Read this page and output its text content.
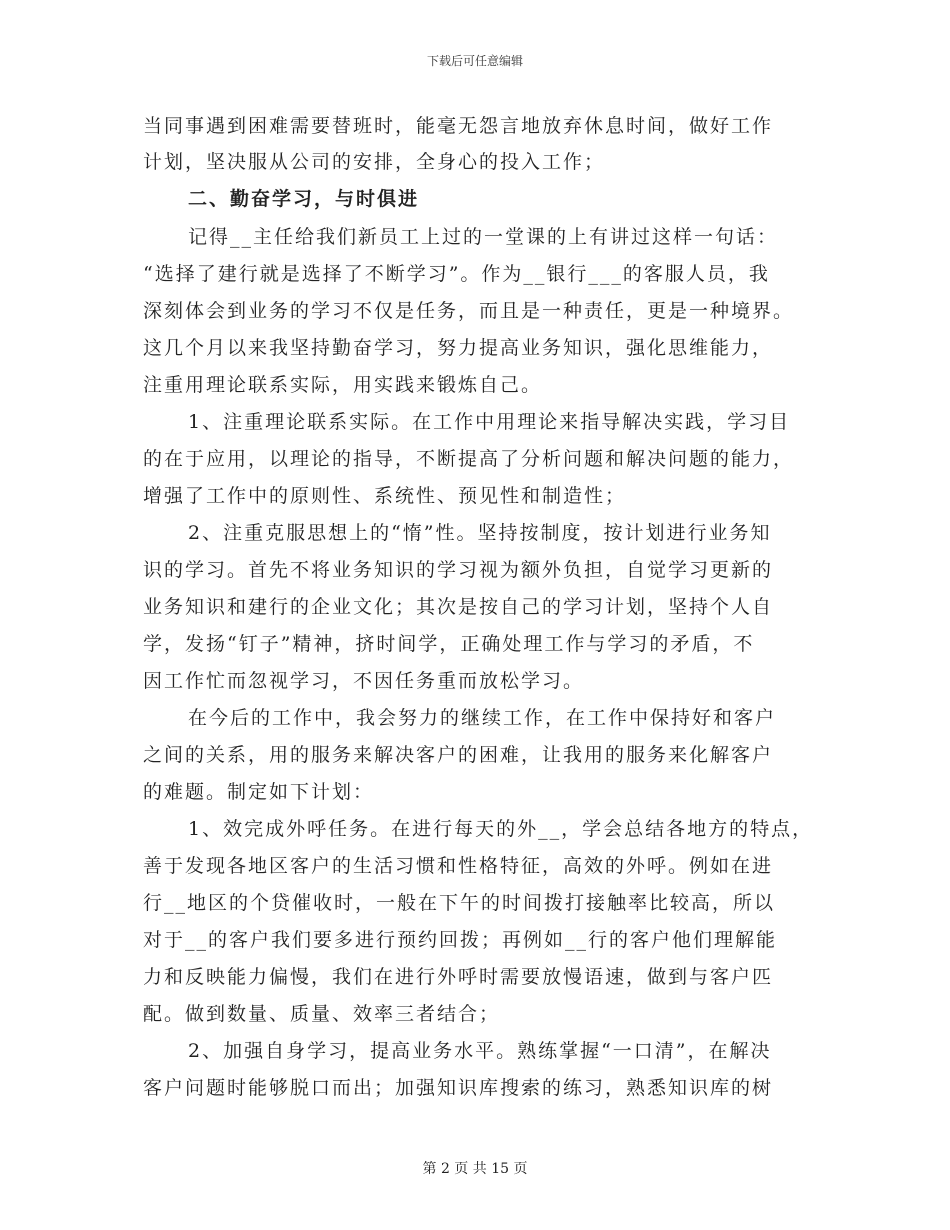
下载后可任意编辑

当同事遇到困难需要替班时，能毫无怨言地放弃休息时间，做好工作

计划，坚决服从公司的安排，全身心的投入工作；

二、勤奋学习，与时俱进

记得__主任给我们新员工上过的一堂课的上有讲过这样一句话：

“选择了建行就是选择了不断学习”。作为__银行___的客服人员，我

深刻体会到业务的学习不仅是任务，而且是一种责任，更是一种境界。

这几个月以来我坚持勤奋学习，努力提高业务知识，强化思维能力，

注重用理论联系实际，用实践来锻炼自己。

1、注重理论联系实际。在工作中用理论来指导解决实践，学习目

的在于应用，以理论的指导，不断提高了分析问题和解决问题的能力，

增强了工作中的原则性、系统性、预见性和制造性；

2、注重克服思想上的“惰”性。坚持按制度，按计划进行业务知

识的学习。首先不将业务知识的学习视为额外负担，自觉学习更新的

业务知识和建行的企业文化；其次是按自己的学习计划，坚持个人自

学，发扬“钉子”精神，挤时间学，正确处理工作与学习的矛盾，不

因工作忙而忽视学习，不因任务重而放松学习。

在今后的工作中，我会努力的继续工作，在工作中保持好和客户

之间的关系，用的服务来解决客户的困难，让我用的服务来化解客户

的难题。制定如下计划：

1、效完成外呼任务。在进行每天的外__，学会总结各地方的特点，

善于发现各地区客户的生活习惯和性格特征，高效的外呼。例如在进

行__地区的个贷催收时，一般在下午的时间拨打接触率比较高，所以

对于__的客户我们要多进行预约回拨；再例如__行的客户他们理解能

力和反映能力偏慢，我们在进行外呼时需要放慢语速，做到与客户匹

配。做到数量、质量、效率三者结合；

2、加强自身学习，提高业务水平。熟练掌握“一口清”，在解决

客户问题时能够脱口而出；加强知识库搜索的练习，熟悉知识库的树

第 2 页 共 15 页
